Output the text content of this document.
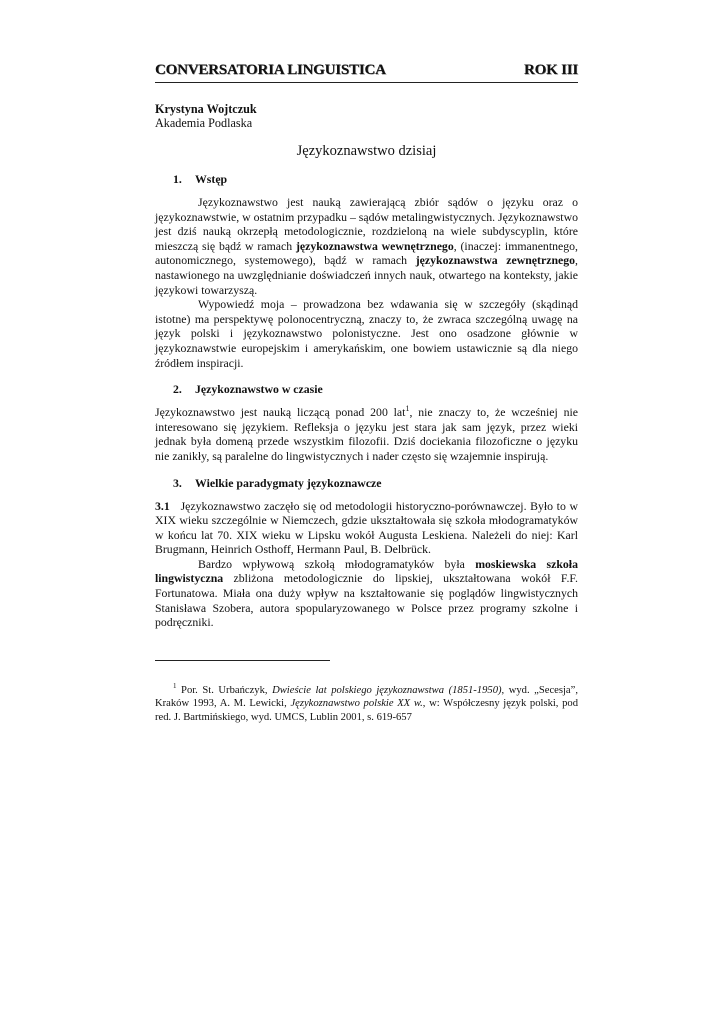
CONVERSATORIA LINGUISTICA	ROK III
Krystyna Wojtczuk
Akademia Podlaska
Językoznawstwo dzisiaj
1. Wstęp

Językoznawstwo jest nauką zawierającą zbiór sądów o języku oraz o językoznawstwie, w ostatnim przypadku – sądów metalingwistycznych. Językoznawstwo jest dziś nauką okrzepłą metodologicznie, rozdzieloną na wiele subdyscyplin, które mieszczą się bądź w ramach językoznawstwa wewnętrznego, (inaczej: immanentnego, autonomicznego, systemowego), bądź w ramach językoznawstwa zewnętrznego, nastawionego na uwzględnianie doświadczeń innych nauk, otwartego na konteksty, jakie językowi towarzyszą.

Wypowiedź moja – prowadzona bez wdawania się w szczegóły (skądinąd istotne) ma perspektywę polonocentryczną, znaczy to, że zwraca szczególną uwagę na język polski i językoznawstwo polonistyczne. Jest ono osadzone głównie w językoznawstwie europejskim i amerykańskim, one bowiem ustawicznie są dla niego źródłem inspiracji.

2. Językoznawstwo w czasie

Językoznawstwo jest nauką liczącą ponad 200 lat$^1$, nie znaczy to, że wcześniej nie interesowano się językiem. Refleksja o języku jest stara jak sam język, przez wieki jednak była domeną przede wszystkim filozofii. Dziś dociekania filozoficzne o języku nie zanikły, są paralelne do lingwistycznych i nader często się wzajemnie inspirują.

3. Wielkie paradygmaty językoznawcze

3.1 Językoznawstwo zaczęło się od metodologii historyczno-porównawczej. Było to w XIX wieku szczególnie w Niemczech, gdzie ukształtowała się szkoła młodogramatyków w końcu lat 70. XIX wieku w Lipsku wokół Augusta Leskiena. Należeli do niej: Karl Brugmann, Heinrich Osthoff, Hermann Paul, B. Delbrück.

Bardzo wpływową szkołą młodogramatyków była moskiewska szkoła lingwistyczna zbliżona metodologicznie do lipskiej, ukształtowana wokół F.F. Fortunatowa. Miała ona duży wpływ na kształtowanie się poglądów lingwistycznych Stanisława Szobera, autora spopularyzowanego w Polsce przez programy szkolne i podręczniki.

$^1$ Por. St. Urbańczyk, Dwieście lat polskiego językoznawstwa (1851-1950), wyd. „Secesja”, Kraków 1993, A. M. Lewicki, Językoznawstwo polskie XX w., w: Współczesny język polski, pod red. J. Bartmińskiego, wyd. UMCS, Lublin 2001, s. 619-657
